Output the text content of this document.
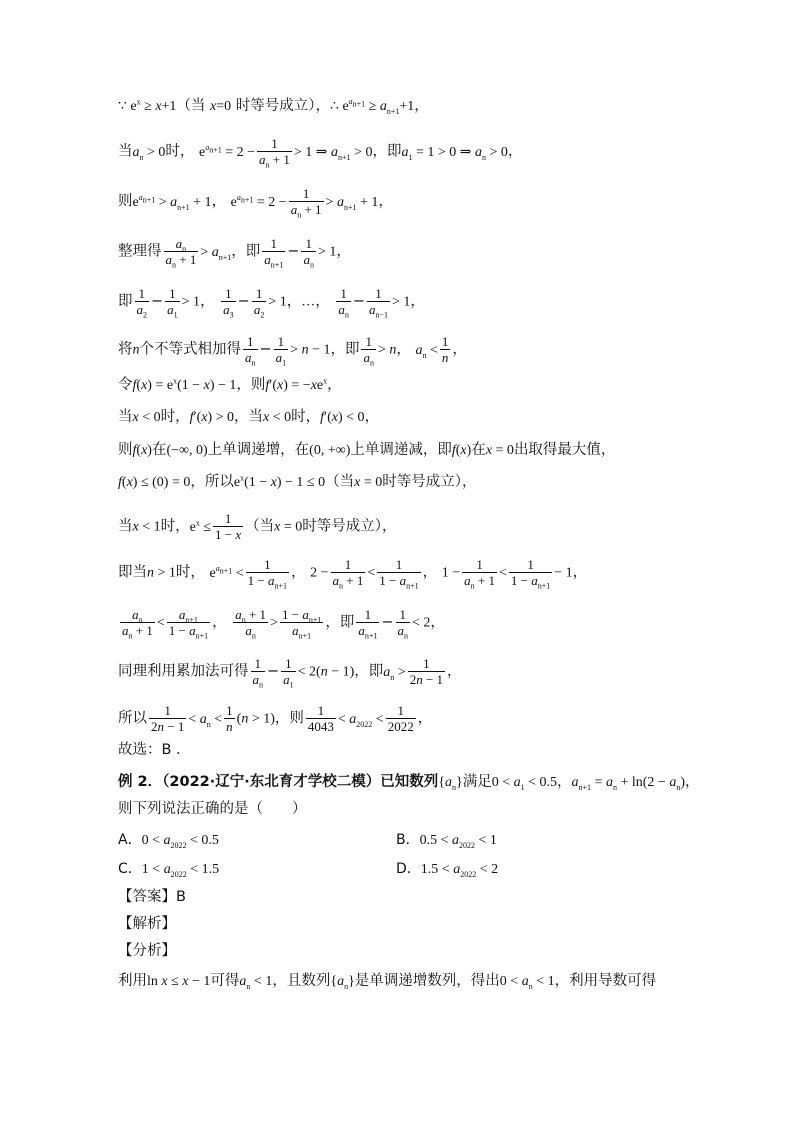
∵ $e^x \ge x+1$（当 x=0 时等号成立），∴ $e^{a_{n+1}} \ge a_{n+1}+1$，
当$a_n > 0$时， $e^{a_{n+1}} = 2 - \frac{1}{a_n + 1} > 1$ ⇒ $a_{n+1} > 0$，即$a_1 = 1 > 0$ ⇒ $a_n > 0$，
则$e^{a_{n+1}} > a_{n+1} + 1$， $e^{a_{n+1}} = 2 - \frac{1}{a_n + 1} > a_{n+1} + 1$，
整理得 $\frac{a_n}{a_n + 1} > a_{n+1}$，即 $\frac{1}{a_{n+1}} - \frac{1}{a_n} > 1$，
即 $\frac{1}{a_2} - \frac{1}{a_1} > 1$， $\frac{1}{a_3} - \frac{1}{a_2} > 1$，…， $\frac{1}{a_n} - \frac{1}{a_{n-1}} > 1$，
将n个不等式相加得 $\frac{1}{a_n} - \frac{1}{a_1} > n - 1$，即 $\frac{1}{a_n} > n$， $a_n < \frac{1}{n}$ ，
令$f(x) = e^x(1 - x) - 1$，则$f'(x) = -xe^x$，
当x < 0时，f′(x) > 0，当x < 0时，f′(x) < 0，
则f(x)在(−∞, 0)上单调递增，在(0, +∞)上单调递减，即f(x)在x = 0出取得最大值，
f(x) ≤ (0) = 0，所以$e^x(1 - x) - 1 \le 0$（当x = 0时等号成立），
当x < 1时，$e^x \le \frac{1}{1 - x}$ （当x = 0时等号成立），
即当n > 1时， $e^{a_{n+1}} < \frac{1}{1 - a_{n+1}}$ ， $2 - \frac{1}{a_n + 1} < \frac{1}{1 - a_{n+1}}$ ， $1 - \frac{1}{a_n + 1} < \frac{1}{1 - a_{n+1}} - 1$，
$\frac{a_n}{a_n + 1} < \frac{a_{n+1}}{1 - a_{n+1}}$ ， $\frac{a_n + 1}{a_n} > \frac{1 - a_{n+1}}{a_{n+1}}$ ，即 $\frac{1}{a_{n+1}} - \frac{1}{a_n} < 2$，
同理利用累加法可得 $\frac{1}{a_n} - \frac{1}{a_1} < 2(n - 1)$，即$a_n > \frac{1}{2n - 1}$ ，
所以 $\frac{1}{2n - 1} < a_n < \frac{1}{n} (n > 1)$，则 $\frac{1}{4043} < a_{2022} < \frac{1}{2022}$ ，
故选：B ．
例 2．（2022·辽宁·东北育才学校二模）已知数列$\{a_n\}$满足$0 < a_1 < 0.5$，$a_{n+1} = a_n + \ln(2 - a_n)$，
则下列说法正确的是（　　）
A．$0 < a_{2022} < 0.5$	B．$0.5 < a_{2022} < 1$
C．$1 < a_{2022} < 1.5$	D．$1.5 < a_{2022} < 2$
【答案】B
【解析】
【分析】
利用ln x ≤ x − 1可得$a_n < 1$，且数列$\{a_n\}$是单调递增数列，得出$0 < a_n < 1$，利用导数可得
